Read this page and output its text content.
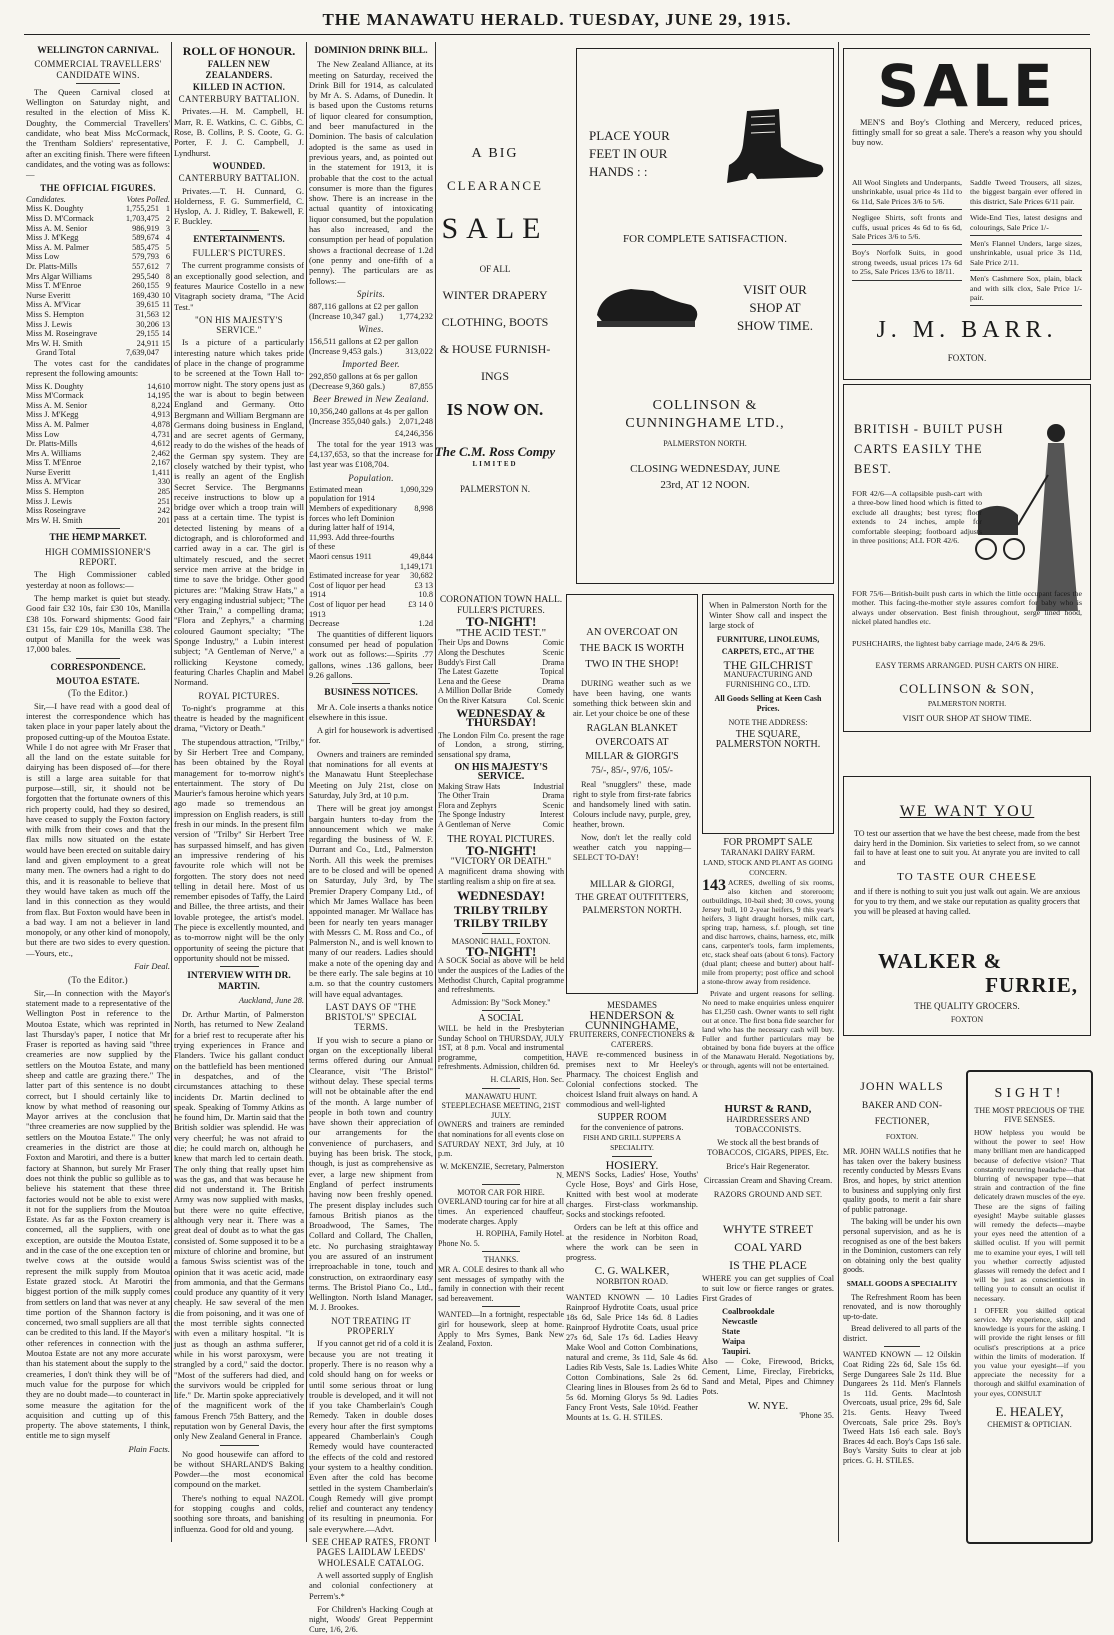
THE MANAWATU HERALD. TUESDAY, JUNE 29, 1915.
WELLINGTON CARNIVAL.
COMMERCIAL TRAVELLERS' CANDIDATE WINS.

The Queen Carnival closed at Wellington on Saturday night, and resulted in the election of Miss K. Doughty, the Commercial Travellers' candidate, who beat Miss McCormack, the Trentham Soldiers' representative, after an exciting finish. There were fifteen candidates, and the voting was as follows:—

THE OFFICIAL FIGURES.
Candidates.	Votes Polled.	
Miss K. Doughty	1,755,251	1
Miss D. M'Cormack	1,703,475	2
Miss A. M. Senior	986,919	3
Miss J. M'Kegg	589,674	4
Miss A. M. Palmer	585,475	5
Miss Low	579,793	6
Dr. Platts-Mills	557,612	7
Mrs Algar Williams	295,540	8
Miss T. M'Enroe	260,155	9
Nurse Everitt	169,430	10
Miss A. M'Vicar	39,615	11
Miss S. Hempton	31,563	12
Miss J. Lewis	30,206	13
Miss M. Roseingrave	29,155	14
Mrs W. H. Smith	24,911	15
Grand Total	7,639,047	

The votes cast for the candidates represent the following amounts:

Miss K. Doughty	14,610
Miss M'Cormack	14,195
Miss A. M. Senior	8,224
Miss J. M'Kegg	4,913
Miss A. M. Palmer	4,878
Miss Low	4,731
Dr. Platts-Mills	4,612
Mrs A. Williams	2,462
Miss T. M'Enroe	2,167
Nurse Everitt	1,411
Miss A. M'Vicar	330
Miss S. Hempton	285
Miss J. Lewis	251
Miss Roseingrave	242
Mrs W. H. Smith	201
THE HEMP MARKET.
HIGH COMMISSIONER'S REPORT.

The High Commissioner cabled yesterday at noon as follows:—

The hemp market is quiet but steady. Good fair £32 10s, fair £30 10s, Manilla £38 10s. Forward shipments: Good fair £31 15s, fair £29 10s, Manilla £38. The output of Manilla for the week was 17,000 bales.

CORRESPONDENCE.
MOUTOA ESTATE.
(To the Editor.)

Sir,—I have read with a good deal of interest the correspondence which has taken place in your paper lately about the proposed cutting-up of the Moutoa Estate. While I do not agree with Mr Fraser that all the land on the estate suitable for dairying has been disposed of—for there is still a large area suitable for that purpose—still, sir, it should not be forgotten that the fortunate owners of this rich property could, had they so desired, have ceased to supply the Foxton factory with milk from their cows and that the flax mills now situated on the estate would have been erected on suitable dairy land and given employment to a great many men. The owners had a right to do this, and it is reasonable to believe that they would have taken as much off the land in this connection as they would from flax. But Foxton would have been in a bad way. I am not a believer in land monopoly, or any other kind of monopoly, but there are two sides to every question.—Yours, etc.,

Fair Deal.
(To the Editor.)

Sir,—In connection with the Mayor's statement made to a representative of the Wellington Post in reference to the Moutoa Estate, which was reprinted in last Thursday's paper, I notice that Mr Fraser is reported as having said "three creameries are now supplied by the settlers on the Moutoa Estate, and many sheep and cattle are grazing there." The latter part of this sentence is no doubt correct, but I should certainly like to know by what method of reasoning our Mayor arrives at the conclusion that "three creameries are now supplied by the settlers on the Moutoa Estate." The only creameries in the district are those at Foxton and Marotiri, and there is a butter factory at Shannon, but surely Mr Fraser does not think the public so gullible as to believe his statement that these three factories would not be able to exist were it not for the suppliers from the Moutoa Estate. As far as the Foxton creamery is concerned, all the suppliers, with one exception, are outside the Moutoa Estate, and in the case of the one exception ten or twelve cows at the outside would represent the milk supply from Moutoa Estate grazed stock. At Marotiri the biggest portion of the milk supply comes from settlers on land that was never at any time portion of the Shannon factory is concerned, two small suppliers are all that can be credited to this land. If the Mayor's other references in connection with the Moutoa Estate are not any more accurate than his statement about the supply to the creameries, I don't think they will be of much value for the purpose for which they are no doubt made—to counteract in some measure the agitation for the acquisition and cutting up of this property. The above statements, I think, entitle me to sign myself

Plain Facts.
ROLL OF HONOUR.
FALLEN NEW ZEALANDERS.
KILLED IN ACTION.
CANTERBURY BATTALION.

Privates.—H. M. Campbell, H. Marr, R. E. Watkins, C. C. Gibbs, C. Rose, B. Collins, P. S. Coote, G. G. Porter, F. J. C. Campbell, J. Lyndhurst.

WOUNDED.
CANTERBURY BATTALION.

Privates.—T. H. Cunnard, G. Holderness, F. G. Summerfield, C. Hyslop, A. J. Ridley, T. Bakewell, F. F. Buckley.

ENTERTAINMENTS.
FULLER'S PICTURES.

The current programme consists of an exceptionally good selection, and features Maurice Costello in a new Vitagraph society drama, "The Acid Test."

"ON HIS MAJESTY'S SERVICE."

Is a picture of a particularly interesting nature which takes pride of place in the change of programme to be screened at the Town Hall to-morrow night. The story opens just as the war is about to begin between England and Germany. Otto Bergmann and William Bergmann are Germans doing business in England, and are secret agents of Germany, ready to do the wishes of the heads of the German spy system. They are closely watched by their typist, who is really an agent of the English Secret Service. The Bergmanns receive instructions to blow up a bridge over which a troop train will pass at a certain time. The typist is detected listening by means of a dictograph, and is chloroformed and carried away in a car. The girl is ultimately rescued, and the secret service men arrive at the bridge in time to save the bridge. Other good pictures are: "Making Straw Hats," a very engaging industrial subject; "The Other Train," a compelling drama; "Flora and Zephyrs," a charming coloured Gaumont specialty; "The Sponge Industry," a Lubin interest subject; "A Gentleman of Nerve," a rollicking Keystone comedy, featuring Charles Chaplin and Mabel Normand.

ROYAL PICTURES.

To-night's programme at this theatre is headed by the magnificent drama, "Victory or Death."

The stupendous attraction, "Trilby," by Sir Herbert Tree and Company, has been obtained by the Royal management for to-morrow night's entertainment. The story of Du Maurier's famous heroine which years ago made so tremendous an impression on English readers, is still fresh in our minds. In the present film version of "Trilby" Sir Herbert Tree has surpassed himself, and has given an impressive rendering of his favourite role which will not be forgotten. The story does not need telling in detail here. Most of us remember episodes of Taffy, the Laird and Billee, the three artists, and their lovable protegee, the artist's model. The piece is excellently mounted, and as to-morrow night will be the only opportunity of seeing the picture that opportunity should not be missed.

INTERVIEW WITH DR. MARTIN.
Auckland, June 28.

Dr. Arthur Martin, of Palmerston North, has returned to New Zealand for a brief rest to recuperate after his trying experiences in France and Flanders. Twice his gallant conduct on the battlefield has been mentioned in despatches, and of the circumstances attaching to these incidents Dr. Martin declined to speak. Speaking of Tommy Atkins as he found him, Dr. Martin said that the British soldier was splendid. He was very cheerful; he was not afraid to die; he could march on, although he knew that march led to certain death. The only thing that really upset him was the gas, and that was because he did not understand it. The British Army was now supplied with masks, but there were no quite effective, although very near it. There was a great deal of doubt as to what the gas consisted of. Some supposed it to be a mixture of chlorine and bromine, but a famous Swiss scientist was of the opinion that it was acetic acid, made from ammonia, and that the Germans could produce any quantity of it very cheaply. He saw several of the men die from poisoning, and it was one of the most terrible sights connected with even a military hospital. "It is just as though an asthma sufferer, while in his worst paroxysm, were strangled by a cord," said the doctor. "Most of the sufferers had died, and the survivors would be crippled for life." Dr. Martin spoke appreciatively of the magnificent work of the famous French 75th Battery, and the reputation won by General Davis, the only New Zealand General in France.

No good housewife can afford to be without SHARLAND'S Baking Powder—the most economical compound on the market.

There's nothing to equal NAZOL for stopping coughs and colds, soothing sore throats, and banishing influenza. Good for old and young.

DOMINION DRINK BILL.

The New Zealand Alliance, at its meeting on Saturday, received the Drink Bill for 1914, as calculated by Mr A. S. Adams, of Dunedin. It is based upon the Customs returns of liquor cleared for consumption, and beer manufactured in the Dominion. The basis of calculation adopted is the same as used in previous years, and, as pointed out in the statement for 1913, it is probable that the cost to the actual consumer is more than the figures show. There is an increase in the actual quantity of intoxicating liquor consumed, but the population has also increased, and the consumption per head of population shows a fractional decrease of 1.2d (one penny and one-fifth of a penny). The particulars are as follows:—

Spirits.
887,116 gallons at £2 per gallon
1,774,232

(Increase 10,347 gal.)
Wines.
156,511 gallons at £2 per gallon
313,022

(Increase 9,453 gals.)
Imported Beer.
292,850 gallons at 6s per gallon
87,855

(Decrease 9,360 gals.)
Beer Brewed in New Zealand.
10,356,240 gallons at 4s per gallon
2,071,248

(Increase 355,040 gals.)
£4,246,356

The total for the year 1913 was £4,137,653, so that the increase for last year was £108,704.

Population.
Estimated mean population for 1914	1,090,329
Members of expeditionary forces who left Dominion during latter half of 1914, 11,993. Add three-fourths of these	8,998
Maori census 1911	49,844
	1,149,171
Estimated increase for year	30,682
Cost of liquor per head 1914	£3 13 10.8
Cost of liquor per head 1913	£3 14 0
Decrease	1.2d

The quantities of different liquors consumed per head of population work out as follows:—Spirits .77 gallons, wines .136 gallons, beer 9.26 gallons.

BUSINESS NOTICES.

Mr A. Cole inserts a thanks notice elsewhere in this issue.

A girl for housework is advertised for.

Owners and trainers are reminded that nominations for all events at the Manawatu Hunt Steeplechase Meeting on July 21st, close on Saturday, July 3rd, at 10 p.m.

There will be great joy amongst bargain hunters to-day from the announcement which we make regarding the business of W. F. Durrant and Co., Ltd., Palmerston North. All this week the premises are to be closed and will be opened on Saturday, July 3rd, by The Premier Drapery Company Ltd., of which Mr James Wallace has been appointed manager. Mr Wallace has been for nearly ten years manager with Messrs C. M. Ross and Co., of Palmerston N., and is well known to many of our readers. Ladies should make a note of the opening day and be there early. The sale begins at 10 a.m. so that the country customers will have equal advantages.

LAST DAYS OF "THE BRISTOL'S" SPECIAL TERMS.

If you wish to secure a piano or organ on the exceptionally liberal terms offered during our Annual Clearance, visit "The Bristol" without delay. These special terms will not be obtainable after the end of the month. A large number of people in both town and country have shown their appreciation of our arrangements for the convenience of purchasers, and buying has been brisk. The stock, though, is just as comprehensive as ever, a large new shipment from England of perfect instruments having now been freshly opened. The present display includes such famous British pianos as the Broadwood, The Sames, The Collard and Collard, The Challen, etc. No purchasing straightaway you are assured of an instrument irreproachable in tone, touch and construction, on extraordinary easy terms. The Bristol Piano Co., Ltd., Wellington. North Island Manager, M. J. Brookes.

NOT TREATING IT PROPERLY

If you cannot get rid of a cold it is because you are not treating it properly. There is no reason why a cold should hang on for weeks or until some serious throat or lung trouble is developed, and it will not if you take Chamberlain's Cough Remedy. Taken in double doses every hour after the first symptoms appeared Chamberlain's Cough Remedy would have counteracted the effects of the cold and restored your system to a healthy condition. Even after the cold has become settled in the system Chamberlain's Cough Remedy will give prompt relief and counteract any tendency of its resulting in pneumonia. For sale everywhere.—Advt.

SEE CHEAP RATES, FRONT PAGES LAIDLAW LEEDS' WHOLESALE CATALOG.

A well assorted supply of English and colonial confectionery at Perrem's.*

For Children's Hacking Cough at night, Woods' Great Peppermint Cure, 1/6, 2/6.

A BIG
CLEARANCE
SALE
OF ALL
WINTER DRAPERY
CLOTHING, BOOTS
& HOUSE FURNISH-
INGS
IS NOW ON.
The C.M. Ross Compy
LIMITED
PALMERSTON N.
PLACE YOUR
FEET IN OUR
HANDS : :
FOR COMPLETE SATISFACTION.
VISIT OUR
SHOP AT
SHOW TIME.
COLLINSON &
CUNNINGHAME LTD.,
PALMERSTON NORTH.
CLOSING WEDNESDAY, JUNE
23rd, AT 12 NOON.
AN OVERCOAT ON
THE BACK IS WORTH
TWO IN THE SHOP!

DURING weather such as we have been having, one wants something thick between skin and air. Let your choice be one of these

RAGLAN BLANKET
OVERCOATS AT
MILLAR & GIORGI'S
75/-, 85/-, 97/6, 105/-

Real "snugglers" these, made right to style from first-rate fabrics and handsomely lined with satin. Colours include navy, purple, grey, heather, brown.

Now, don't let the really cold weather catch you napping—SELECT TO-DAY!

MILLAR & GIORGI,
THE GREAT OUTFITTERS,
PALMERSTON NORTH.

When in Palmerston North for the Winter Show call and inspect the large stock of

FURNITURE, LINOLEUMS, CARPETS, ETC., AT THE
THE GILCHRIST
MANUFACTURING AND FURNISHING CO., LTD.
All Goods Selling at Keen Cash Prices.
NOTE THE ADDRESS:
THE SQUARE, PALMERSTON NORTH.
FOR PROMPT SALE
TARANAKI DAIRY FARM.
LAND, STOCK AND PLANT AS GOING CONCERN.

143 ACRES, dwelling of six rooms, also kitchen and storeroom; outbuildings, 10-bail shed; 30 cows, young Jersey bull, 10 2-year heifers, 9 this year's heifers, 3 light draught horses, milk cart, spring trap, harness, s.f. plough, set tine and disc harrows, chains, harness, etc, milk cans, carpenter's tools, farm implements, etc, stack sheaf oats (about 6 tons). Factory (dual plant; cheese and butter) about half-mile from property; post office and school a stone-throw away from residence.

Private and urgent reasons for selling. No need to make enquiries unless enquirer has £1,250 cash. Owner wants to sell right out at once. The first bona fide searcher for land who has the necessary cash will buy. Fuller and further particulars may be obtained by bona fide buyers at the office of the Manawatu Herald. Negotiations by, or through, agents will not be entertained.

HURST & RAND,
HAIRDRESSERS AND TOBACCONISTS.
We stock all the best brands of TOBACCOS, CIGARS, PIPES, Etc.
Brice's Hair Regenerator.
Circassian Cream and Shaving Cream.
RAZORS GROUND AND SET.
WHYTE STREET
COAL YARD
IS THE PLACE

WHERE you can get supplies of Coal to suit low or fierce ranges or grates. First Grades of

Coalbrookdale
Newcastle
State
Waipa
Taupiri.

Also — Coke, Firewood, Bricks, Cement, Lime, Fireclay, Firebricks, Sand and Metal, Pipes and Chimney Pots.

W. NYE.
'Phone 35.
CORONATION TOWN HALL.
FULLER'S PICTURES.
TO-NIGHT!
"THE ACID TEST."
Their Ups and Downs	Comic
Along the Deschutes	Scenic
Buddy's First Call	Drama
The Latest Gazette	Topical
Lena and the Geese	Drama
A Million Dollar Bride	Comedy
On the River Katsura	Col. Scenic
WEDNESDAY & THURSDAY!

The London Film Co. present the rage of London, a strong, stirring, sensational spy drama,

ON HIS MAJESTY'S SERVICE.
Making Straw Hats	Industrial
The Other Train	Drama
Flora and Zephyrs	Scenic
The Sponge Industry	Interest
A Gentleman of Nerve	Comic
THE ROYAL PICTURES.
TO-NIGHT!
"VICTORY OR DEATH."

A magnificent drama showing with startling realism a ship on fire at sea.

WEDNESDAY!
TRILBY TRILBY TRILBY TRILBY
MASONIC HALL, FOXTON.
TO-NIGHT!

A SOCK Social as above will be held under the auspices of the Ladies of the Methodist Church, Capital programme and refreshments.

Admission: By "Sock Money."
A SOCIAL

WILL be held in the Presbyterian Sunday School on THURSDAY, JULY 1ST, at 8 p.m. Vocal and instrumental programme, competition, refreshments. Admission, children 6d.

H. CLARIS, Hon. Sec.
MANAWATU HUNT.
STEEPLECHASE MEETING, 21ST JULY.

OWNERS and trainers are reminded that nominations for all events close on SATURDAY NEXT, 3rd July, at 10 p.m.

W. McKENZIE, Secretary, Palmerston N.
MOTOR CAR FOR HIRE.

OVERLAND touring car for hire at all times. An experienced chauffeur, moderate charges. Apply

H. ROPIHA, Family Hotel.
Phone No. 5.
THANKS.

MR A. COLE desires to thank all who sent messages of sympathy with the family in connection with their recent sad bereavement.

WANTED—In a fortnight, respectable girl for housework, sleep at home. Apply to Mrs Symes, Bank New Zealand, Foxton.

MESDAMES
HENDERSON &
CUNNINGHAME,
FRUITERERS, CONFECTIONERS & CATERERS.

HAVE re-commenced business in premises next to Mr Heeley's Pharmacy. The choicest English and Colonial confections stocked. The choicest Island fruit always on hand. A commodious and well-lighted

SUPPER ROOM
for the convenience of patrons.
FISH AND GRILL SUPPERS A SPECIALITY.
HOSIERY.

MEN'S Socks, Ladies' Hose, Youths' Cycle Hose, Boys' and Girls Hose, Knitted with best wool at moderate charges. First-class workmanship. Socks and stockings refooted.

Orders can be left at this office and at the residence in Norbiton Road, where the work can be seen in progress.

C. G. WALKER,
NORBITON ROAD.

WANTED KNOWN — 10 Ladies Rainproof Hydrotite Coats, usual price 18s 6d, Sale Price 14s 6d. 8 Ladies Rainproof Hydrotite Coats, usual price 27s 6d, Sale 17s 6d. Ladies Heavy Make Wool and Cotton Combinations, natural and creme, 3s 11d, Sale 4s 6d. Ladies Rib Vests, Sale 1s. Ladies White Cotton Combinations, Sale 2s 6d. Clearing lines in Blouses from 2s 6d to 5s 6d. Morning Glorys 5s 9d. Ladies Fancy Front Vests, Sale 10½d. Feather Mounts at 1s. G. H. STILES.

SALE

MEN'S and Boy's Clothing and Mercery, reduced prices, fittingly small for so great a sale. There's a reason why you should buy now.

All Wool Singlets and Underpants, unshrinkable, usual price 4s 11d to 6s 11d, Sale Prices 3/6 to 5/6.
Negligee Shirts, soft fronts and cuffs, usual prices 4s 6d to 6s 6d, Sale Prices 3/6 to 5/6.
Boy's Norfolk Suits, in good strong tweeds, usual prices 17s 6d to 25s, Sale Prices 13/6 to 18/11.
Saddle Tweed Trousers, all sizes, the biggest bargain ever offered in this district, Sale Prices 6/11 pair.
Wide-End Ties, latest designs and colourings, Sale Price 1/-
Men's Flannel Unders, large sizes, unshrinkable, usual price 3s 11d, Sale Price 2/11.
Men's Cashmere Sox, plain, black and with silk clox, Sale Price 1/- pair.
J. M. BARR.
FOXTON.
BRITISH - BUILT PUSH
CARTS EASILY THE
BEST.

FOR 42/6—A collapsible push-cart with a three-bow lined hood which is fitted to exclude all draughts; best tyres; floor extends to 24 inches, ample for comfortable sleeping; footboard adjusts in three positions; ALL FOR 42/6.

FOR 75/6—British-built push carts in which the little occupant faces the mother. This facing-the-mother style assures comfort for baby who is always under observation. Best finish throughout, serge lined hood, nickel plated handles etc.

PUSHCHAIRS, the lightest baby carriage made, 24/6 & 29/6.

EASY TERMS ARRANGED. PUSH CARTS ON HIRE.
COLLINSON & SON,
PALMERSTON NORTH.
VISIT OUR SHOP AT SHOW TIME.
WE WANT YOU

TO test our assertion that we have the best cheese, made from the best dairy herd in the Dominion. Six varieties to select from, so we cannot fail to have at least one to suit you. At anyrate you are invited to call and

TO TASTE OUR CHEESE

and if there is nothing to suit you just walk out again. We are anxious for you to try them, and we stake our reputation as quality grocers that you will be pleased at having called.

WALKER &
FURRIE,
THE QUALITY GROCERS.
FOXTON
JOHN WALLS
BAKER AND CON-
FECTIONER,
FOXTON.

MR. JOHN WALLS notifies that he has taken over the bakery business recently conducted by Messrs Evans Bros, and hopes, by strict attention to business and supplying only first quality goods, to merit a fair share of public patronage.

The baking will be under his own personal supervision, and as he is recognised as one of the best bakers in the Dominion, customers can rely on obtaining only the best quality goods.

SMALL GOODS A SPECIALITY

The Refreshment Room has been renovated, and is now thoroughly up-to-date.

Bread delivered to all parts of the district.

WANTED KNOWN — 12 Oilskin Coat Riding 22s 6d, Sale 15s 6d. Serge Dungarees Sale 2s 11d. Blue Dungarees 2s 11d. Men's Flannels 1s 11d. Gents. MacIntosh Overcoats, usual price, 29s 6d, Sale 21s. Gents. Heavy Tweed Overcoats, Sale price 29s. Boy's Tweed Hats 1s6 each sale. Boy's Braces 4d each. Boy's Caps 1s6 sale. Boy's Varsity Suits to clear at job prices. G. H. STILES.

SIGHT!
THE MOST PRECIOUS OF THE FIVE SENSES.

HOW helpless you would be without the power to see! How many brilliant men are handicapped because of defective vision? That constantly recurring headache—that blurring of newspaper type—that strain and contraction of the fine delicately drawn muscles of the eye. These are the signs of failing eyesight! Maybe suitable glasses will remedy the defects—maybe your eyes need the attention of a skilled oculist. If you will permit me to examine your eyes, I will tell you whether correctly adjusted glasses will remedy the defect and I will be just as conscientious in telling you to consult an oculist if necessary.

I OFFER you skilled optical service. My experience, skill and knowledge is yours for the asking. I will provide the right lenses or fill oculist's prescriptions at a price within the limits of moderation. If you value your eyesight—if you appreciate the necessity for a thorough and skilful examination of your eyes, CONSULT

E. HEALEY,
CHEMIST & OPTICIAN.
